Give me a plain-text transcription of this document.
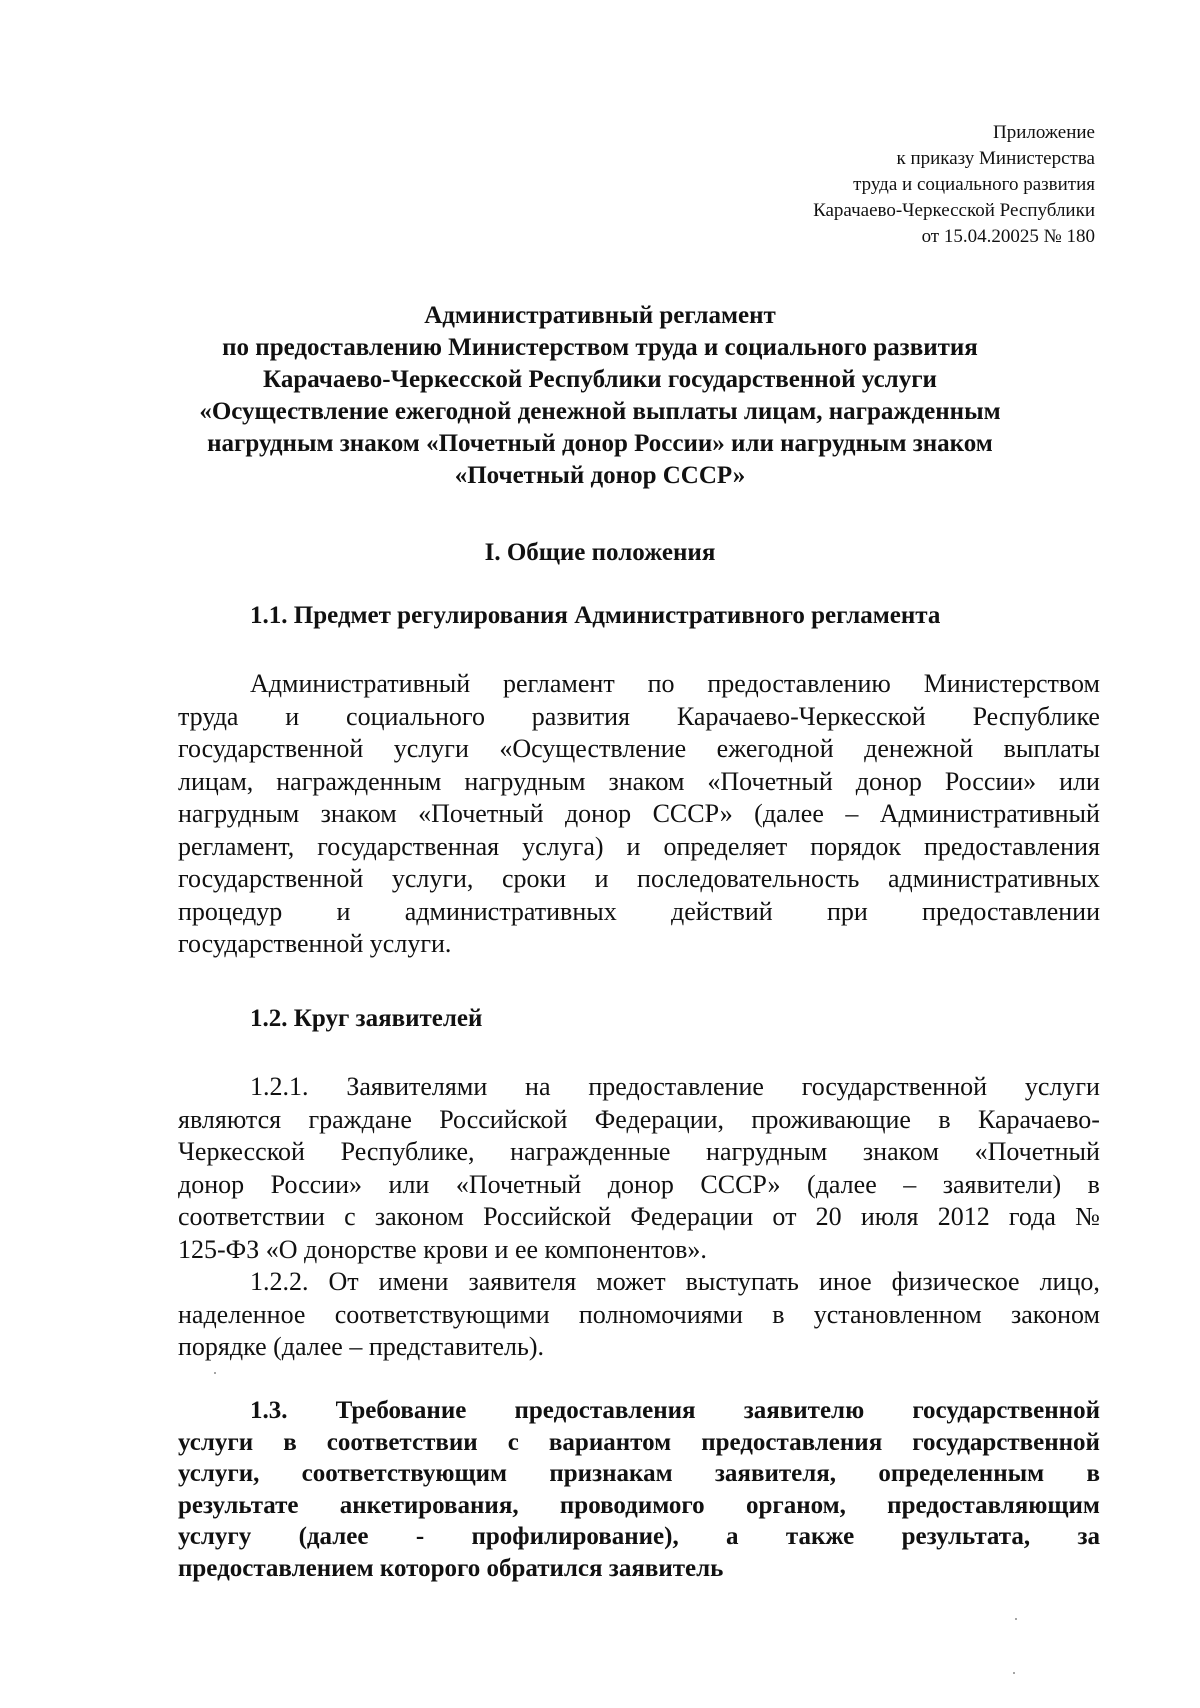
Приложение
к приказу Министерства
труда и социального развития
Карачаево-Черкесской Республики
от 15.04.20025 № 180
Административный регламент
по предоставлению Министерством труда и социального развития
Карачаево-Черкесской Республики государственной услуги
«Осуществление ежегодной денежной выплаты лицам, награжденным
нагрудным знаком «Почетный донор России» или нагрудным знаком
«Почетный донор СССР»
I. Общие положения
1.1. Предмет регулирования Административного регламента
Административный регламент по предоставлению Министерством
труда и социального развития Карачаево-Черкесской Республике
государственной услуги «Осуществление ежегодной денежной выплаты
лицам, награжденным нагрудным знаком «Почетный донор России» или
нагрудным знаком «Почетный донор СССР» (далее – Административный
регламент, государственная услуга) и определяет порядок предоставления
государственной услуги, сроки и последовательность административных
процедур и административных действий при предоставлении
государственной услуги.
1.2. Круг заявителей
1.2.1. Заявителями на предоставление государственной услуги
являются граждане Российской Федерации, проживающие в Карачаево-
Черкесской Республике, награжденные нагрудным знаком «Почетный
донор России» или «Почетный донор СССР» (далее – заявители) в
соответствии с законом Российской Федерации от 20 июля 2012 года №
125-ФЗ «О донорстве крови и ее компонентов».
1.2.2. От имени заявителя может выступать иное физическое лицо,
наделенное соответствующими полномочиями в установленном законом
порядке (далее – представитель).
1.3. Требование предоставления заявителю государственной
услуги в соответствии с вариантом предоставления государственной
услуги, соответствующим признакам заявителя, определенным в
результате анкетирования, проводимого органом, предоставляющим
услугу (далее - профилирование), а также результата, за
предоставлением которого обратился заявитель
